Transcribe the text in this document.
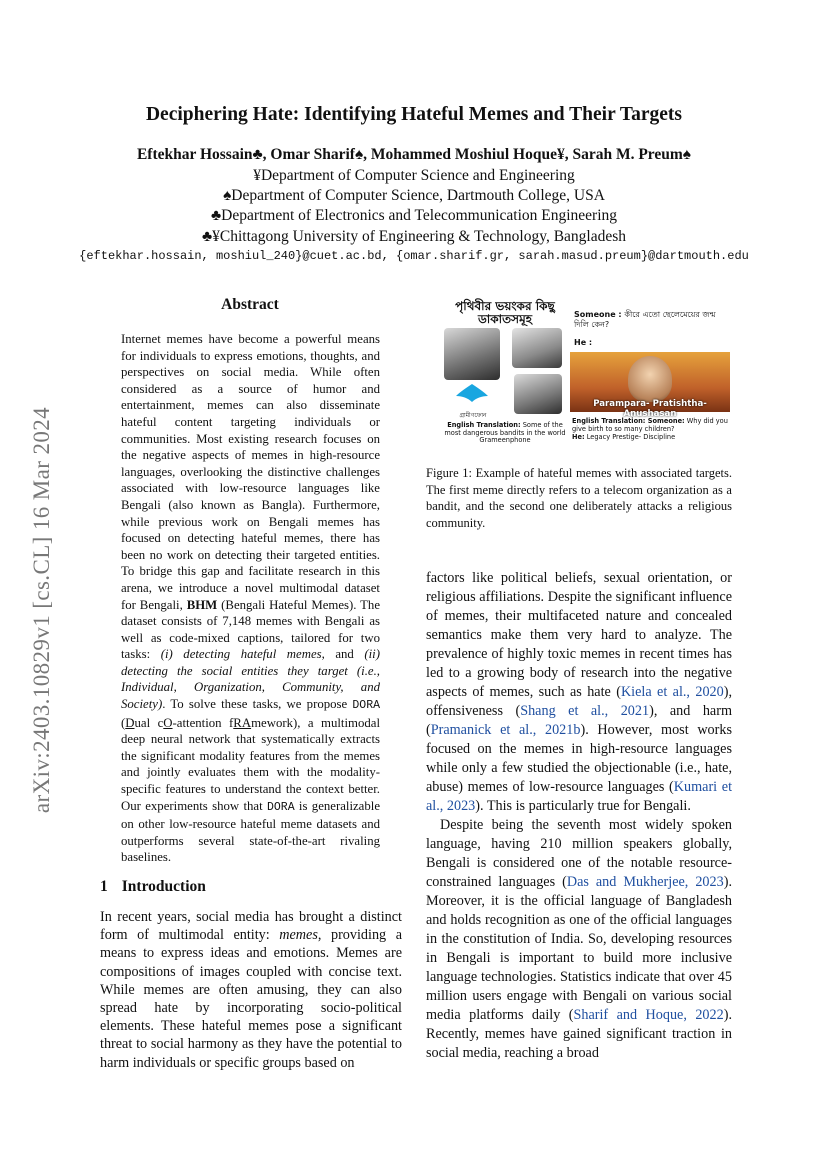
arXiv:2403.10829v1 [cs.CL] 16 Mar 2024
Deciphering Hate: Identifying Hateful Memes and Their Targets
Eftekhar Hossain♣, Omar Sharif♠, Mohammed Moshiul Hoque¥, Sarah M. Preum♠
¥Department of Computer Science and Engineering
♠Department of Computer Science, Dartmouth College, USA
♣Department of Electronics and Telecommunication Engineering
♣¥Chittagong University of Engineering & Technology, Bangladesh
{eftekhar.hossain, moshiul_240}@cuet.ac.bd, {omar.sharif.gr, sarah.masud.preum}@dartmouth.edu
Abstract
Internet memes have become a powerful means for individuals to express emotions, thoughts, and perspectives on social media. While often considered as a source of humor and entertainment, memes can also disseminate hateful content targeting individuals or communities. Most existing research focuses on the negative aspects of memes in high-resource languages, overlooking the distinctive challenges associated with low-resource languages like Bengali (also known as Bangla). Furthermore, while previous work on Bengali memes has focused on detecting hateful memes, there has been no work on detecting their targeted entities. To bridge this gap and facilitate research in this arena, we introduce a novel multimodal dataset for Bengali, BHM (Bengali Hateful Memes). The dataset consists of 7,148 memes with Bengali as well as code-mixed captions, tailored for two tasks: (i) detecting hateful memes, and (ii) detecting the social entities they target (i.e., Individual, Organization, Community, and Society). To solve these tasks, we propose DORA (Dual cO-attention fRAmework), a multimodal deep neural network that systematically extracts the significant modality features from the memes and jointly evaluates them with the modality-specific features to understand the context better. Our experiments show that DORA is generalizable on other low-resource hateful meme datasets and outperforms several state-of-the-art rivaling baselines.
1 Introduction
In recent years, social media has brought a distinct form of multimodal entity: memes, providing a means to express ideas and emotions. Memes are compositions of images coupled with concise text. While memes are often amusing, they can also spread hate by incorporating socio-political elements. These hateful memes pose a significant threat to social harmony as they have the potential to harm individuals or specific groups based on
পৃথিবীর ভয়ংকর কিছু ডাকাতসমূহ
গ্রামীণফোন
English Translation: Some of the most dangerous bandits in the world Grameenphone
Someone : কীরে এতো ছেলেমেয়ের জন্ম দিলি কেন?
He :
Parampara- Pratishtha- Anushasan
English Translation: Someone: Why did you give birth to so many children?
He: Legacy Prestige- Discipline
Figure 1: Example of hateful memes with associated targets. The first meme directly refers to a telecom organization as a bandit, and the second one deliberately attacks a religious community.

factors like political beliefs, sexual orientation, or religious affiliations. Despite the significant influence of memes, their multifaceted nature and concealed semantics make them very hard to analyze. The prevalence of highly toxic memes in recent times has led to a growing body of research into the negative aspects of memes, such as hate (Kiela et al., 2020), offensiveness (Shang et al., 2021), and harm (Pramanick et al., 2021b). However, most works focused on the memes in high-resource languages while only a few studied the objectionable (i.e., hate, abuse) memes of low-resource languages (Kumari et al., 2023). This is particularly true for Bengali.

Despite being the seventh most widely spoken language, having 210 million speakers globally, Bengali is considered one of the notable resource-constrained languages (Das and Mukherjee, 2023). Moreover, it is the official language of Bangladesh and holds recognition as one of the official languages in the constitution of India. So, developing resources in Bengali is important to build more inclusive language technologies. Statistics indicate that over 45 million users engage with Bengali on various social media platforms daily (Sharif and Hoque, 2022). Recently, memes have gained significant traction in social media, reaching a broad
